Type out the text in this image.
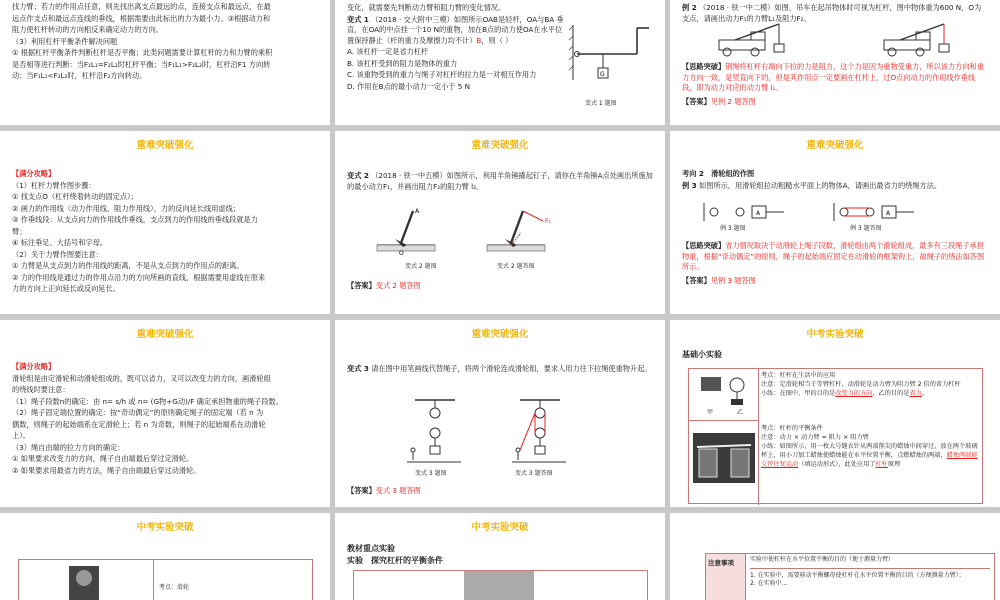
找力臂；若力的作用点任意，则先找出离支点最远的点，连接支点和最远点，在最
远点作支点和最远点连线的垂线，根据需要由此标出的力为最小力。③根据动力和
阻力使杠杆转动的方向相反来确定动力的方向。
（3）利用杠杆平衡条件解决问题
① 根据杠杆平衡条件判断杠杆是否平衡；此类问题需要计算杠杆的力和力臂的乘积
是否相等进行判断：当F₁L₁=F₂L₂时杠杆平衡；当F₁L₁>F₂L₂时，杠杆沿F1 方向转
动；当F₁L₁<F₂L₂时，杠杆沿F₂方向转动。
变化，就需要先判断动力臂和阻力臂的变化情况。
变式 1 （2018 · 交大附中三模）如图所示OAB是轻杆，OA与BA 垂直，在OA的中点挂一个10 N的重物，加在B点的动力使OA在水平位置保持静止（杆的重力及摩擦力均不计）B，则（ ）
A. 该杠杆一定是省力杠杆
B. 该杠杆受到的阻力是物体的重力
C. 该重物受到的重力与绳子对杠杆的拉力是一对相互作用力
D. 作用在B点的最小动力一定小于 5 N
G
变式 1 题图
例 2 （2018 · 铁一中二模）如图，吊车在起吊物体时可视为杠杆，图中物体重为600 N，O为支点，请画出动力F₁的力臂L₁及阻力F₂。
【思路突破】钢绳将杠杆右端向下拉的力是阻力，这个力是因为重物受重力，所以该力方向和重力方向一致，是竖直向下的，但是其作用点一定要画在杠杆上，过O点向动力的作用线作垂线段，即为动力对应的动力臂 l₁。
【答案】见例 2 题答图
重难突破强化
【满分攻略】
（1）杠杆力臂作图步骤：
① 找支点O（杠杆绕着转动的固定点）；
② 画力的作用线（动力作用线、阻力作用线），力的反向延长线用虚线；
③ 作垂线段：从支点向力的作用线作垂线，支点到力的作用线的垂线段就是力
臂；
④ 标注垂足、大括号和字母。
（2）关于力臂作图要注意：
① 力臂是从支点到力的作用线的距离，不是从支点到力的作用点的距离。
② 力的作用线是通过力的作用点沿力的方向所画的直线，根据需要用虚线在原来
力的方向上正向延长或反向延长。
重难突破强化
变式 2 （2018 · 铁一中五模）如图所示，利用羊角锤撬起钉子，请你在羊角锤A点处画出所施加的最小动力F₁，并画出阻力F₂的阻力臂 l₂。
A
O
F₁
变式 2 题图	变式 2 题答图
【答案】变式 2 题答图
重难突破强化
考向 2　滑轮组的作图
例 3 如图所示，用滑轮组拉动粗糙水平面上的物体A，请画出最省力的绕绳方法。
A	A
例 3 题图	例 3 题答图
【思路突破】省力情况取决于动滑轮上绳子段数，滑轮组由两个滑轮组成，最多有三段绳子承担物重，根据“奇动偶定”的原则，绳子的起始端应固定在动滑轮的框架钩上，故绳子的绕法如答图所示。
【答案】见例 3 题答图
重难突破强化
【满分攻略】
滑轮组是由定滑轮和动滑轮组成的，既可以省力，又可以改变力的方向，画滑轮组
的绕线时要注意：
（1）绳子段数n的确定：由 n= s/h 或 n= (G物+G动)/F 确定承担物重的绳子段数。
（2）绳子固定端位置的确定：按“奇动偶定”的原则确定绳子的固定端（若 n 为
偶数，则绳子的起始端系在定滑轮上；若 n 为奇数，则绳子的起始端系在动滑轮
上）。
（3）绳自由端的拉力方向的确定：
① 如果要求改变力的方向，绳子自由端最后穿过定滑轮。
② 如果要求用最省力的方法，绳子自由端最后穿过动滑轮。
重难突破强化
变式 3 请在图中用笔画线代替绳子，将两个滑轮连成滑轮组，要求人用力往下拉绳使重物升起。
变式 3 题图	变式 3 题答图
【答案】变式 3 题答图
中考实验突破
基础小实验
甲　　　　乙
考点：杠杆在生活中的应用
注意：定滑轮相当于等臂杠杆，动滑轮是动力臂为阻力臂 2 倍的省力杠杆
小练：在图中，甲的目的是改变力的方向，乙的目的是省力。
考点：杠杆的平衡条件
注意：动力 × 动力臂 = 阻力 × 阻力臂
小练：如图所示，用一枚大号缝衣针从两端削尖的蜡烛中间穿过，放在两个玻璃杯上，用小刀加工蜡烛使蜡烛能在水平位置平衡，点燃蜡烛的两端，蜡烛两端能交替往复运动（填运动形式），此处应用了杠杆原理
中考实验突破
考点：滑轮
中考实验突破
教材重点实验
实验　 探究杠杆的平衡条件	注意事项	实验中使杠杆在水平位置平衡的目的（便于测量力臂）
1. 在实验中，需要移动平衡螺母使杠杆在水平位置平衡的目的（方便测量力臂）；
2. 在实验中...
